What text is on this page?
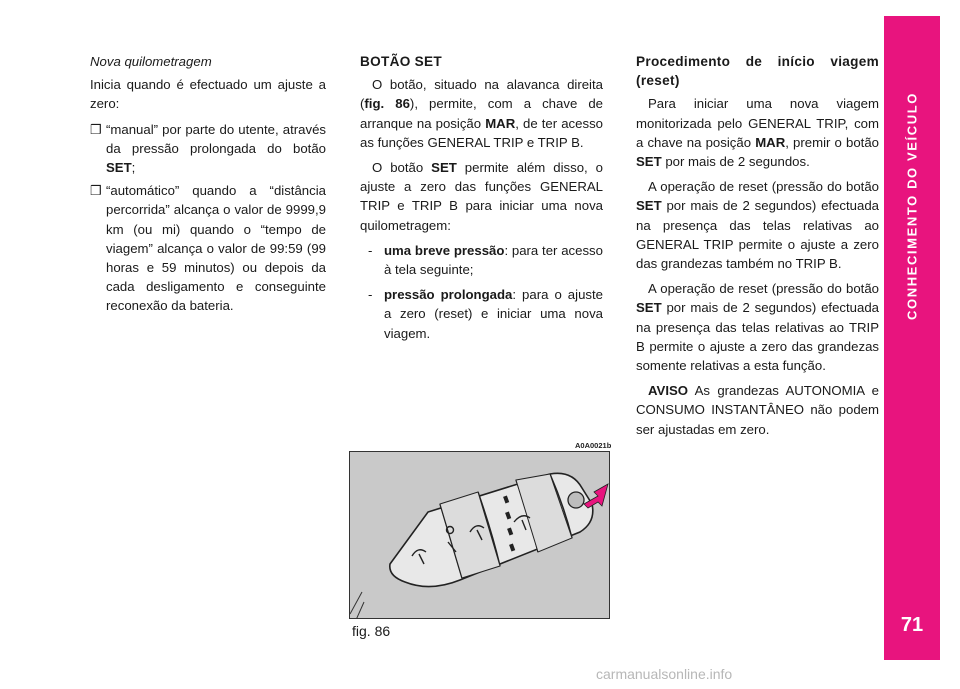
Nova quilometragem

Inicia quando é efectuado um ajuste a zero:

❒ “manual” por parte do utente, através da pressão prolongada do botão SET;
❒ “automático” quando a “distância percorrida” alcança o valor de 9999,9 km (ou mi) quando o “tempo de viagem” alcança o valor de 99:59 (99 horas e 59 minutos) ou depois da cada desligamento e conseguinte reconexão da bateria.

BOTÃO SET

O botão, situado na alavanca direita (fig. 86), permite, com a chave de arranque na posição MAR, de ter acesso as funções GENERAL TRIP e TRIP B.

O botão SET permite além disso, o ajuste a zero das funções GENERAL TRIP e TRIP B para iniciar uma nova quilometragem:

- uma breve pressão: para ter acesso à tela seguinte;
- pressão prolongada: para o ajuste a zero (reset) e iniciar uma nova viagem.

Procedimento de início viagem (reset)

Para iniciar uma nova viagem monitorizada pelo GENERAL TRIP, com a chave na posição MAR, premir o botão SET por mais de 2 segundos.

A operação de reset (pressão do botão SET por mais de 2 segundos) efectuada na presença das telas relativas ao GENERAL TRIP permite o ajuste a zero das grandezas também no TRIP B.

A operação de reset (pressão do botão SET por mais de 2 segundos) efectuada na presença das telas relativas ao TRIP B permite o ajuste a zero das grandezas somente relativas a esta função.

AVISO As grandezas AUTONOMIA e CONSUMO INSTANTÂNEO não podem ser ajustadas em zero.

A0A0021b
fig. 86
CONHECIMENTO DO VEÍCULO
71
carmanualsonline.info
